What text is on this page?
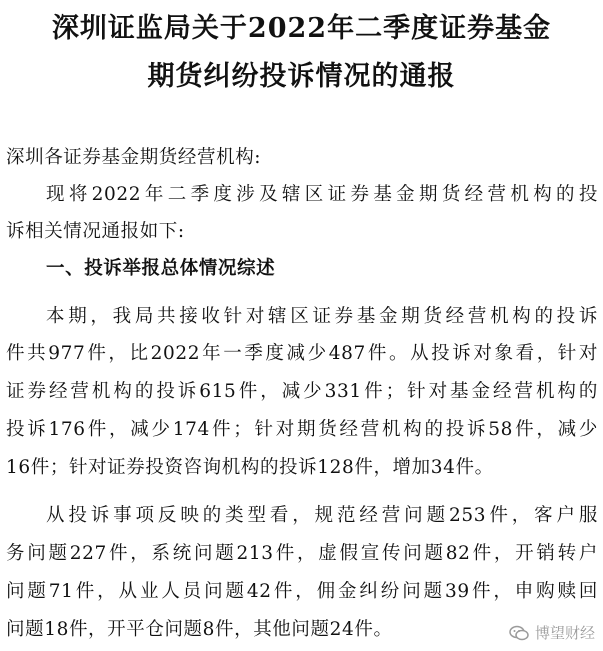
深圳证监局关于2022年二季度证券基金
期货纠纷投诉情况的通报
深圳各证券基金期货经营机构:
现将2022年二季度涉及辖区证券基金期货经营机构的投
诉相关情况通报如下:
一、投诉举报总体情况综述
本期，我局共接收针对辖区证券基金期货经营机构的投诉
件共977件，比2022年一季度减少487件。从投诉对象看，针对
证券经营机构的投诉615件，减少331件；针对基金经营机构的
投诉176件，减少174件；针对期货经营机构的投诉58件，减少
16件；针对证券投资咨询机构的投诉128件，增加34件。
从投诉事项反映的类型看，规范经营问题253件，客户服
务问题227件，系统问题213件，虚假宣传问题82件，开销转户
问题71件，从业人员问题42件，佣金纠纷问题39件，申购赎回
问题18件，开平仓问题8件，其他问题24件。	博望财经
